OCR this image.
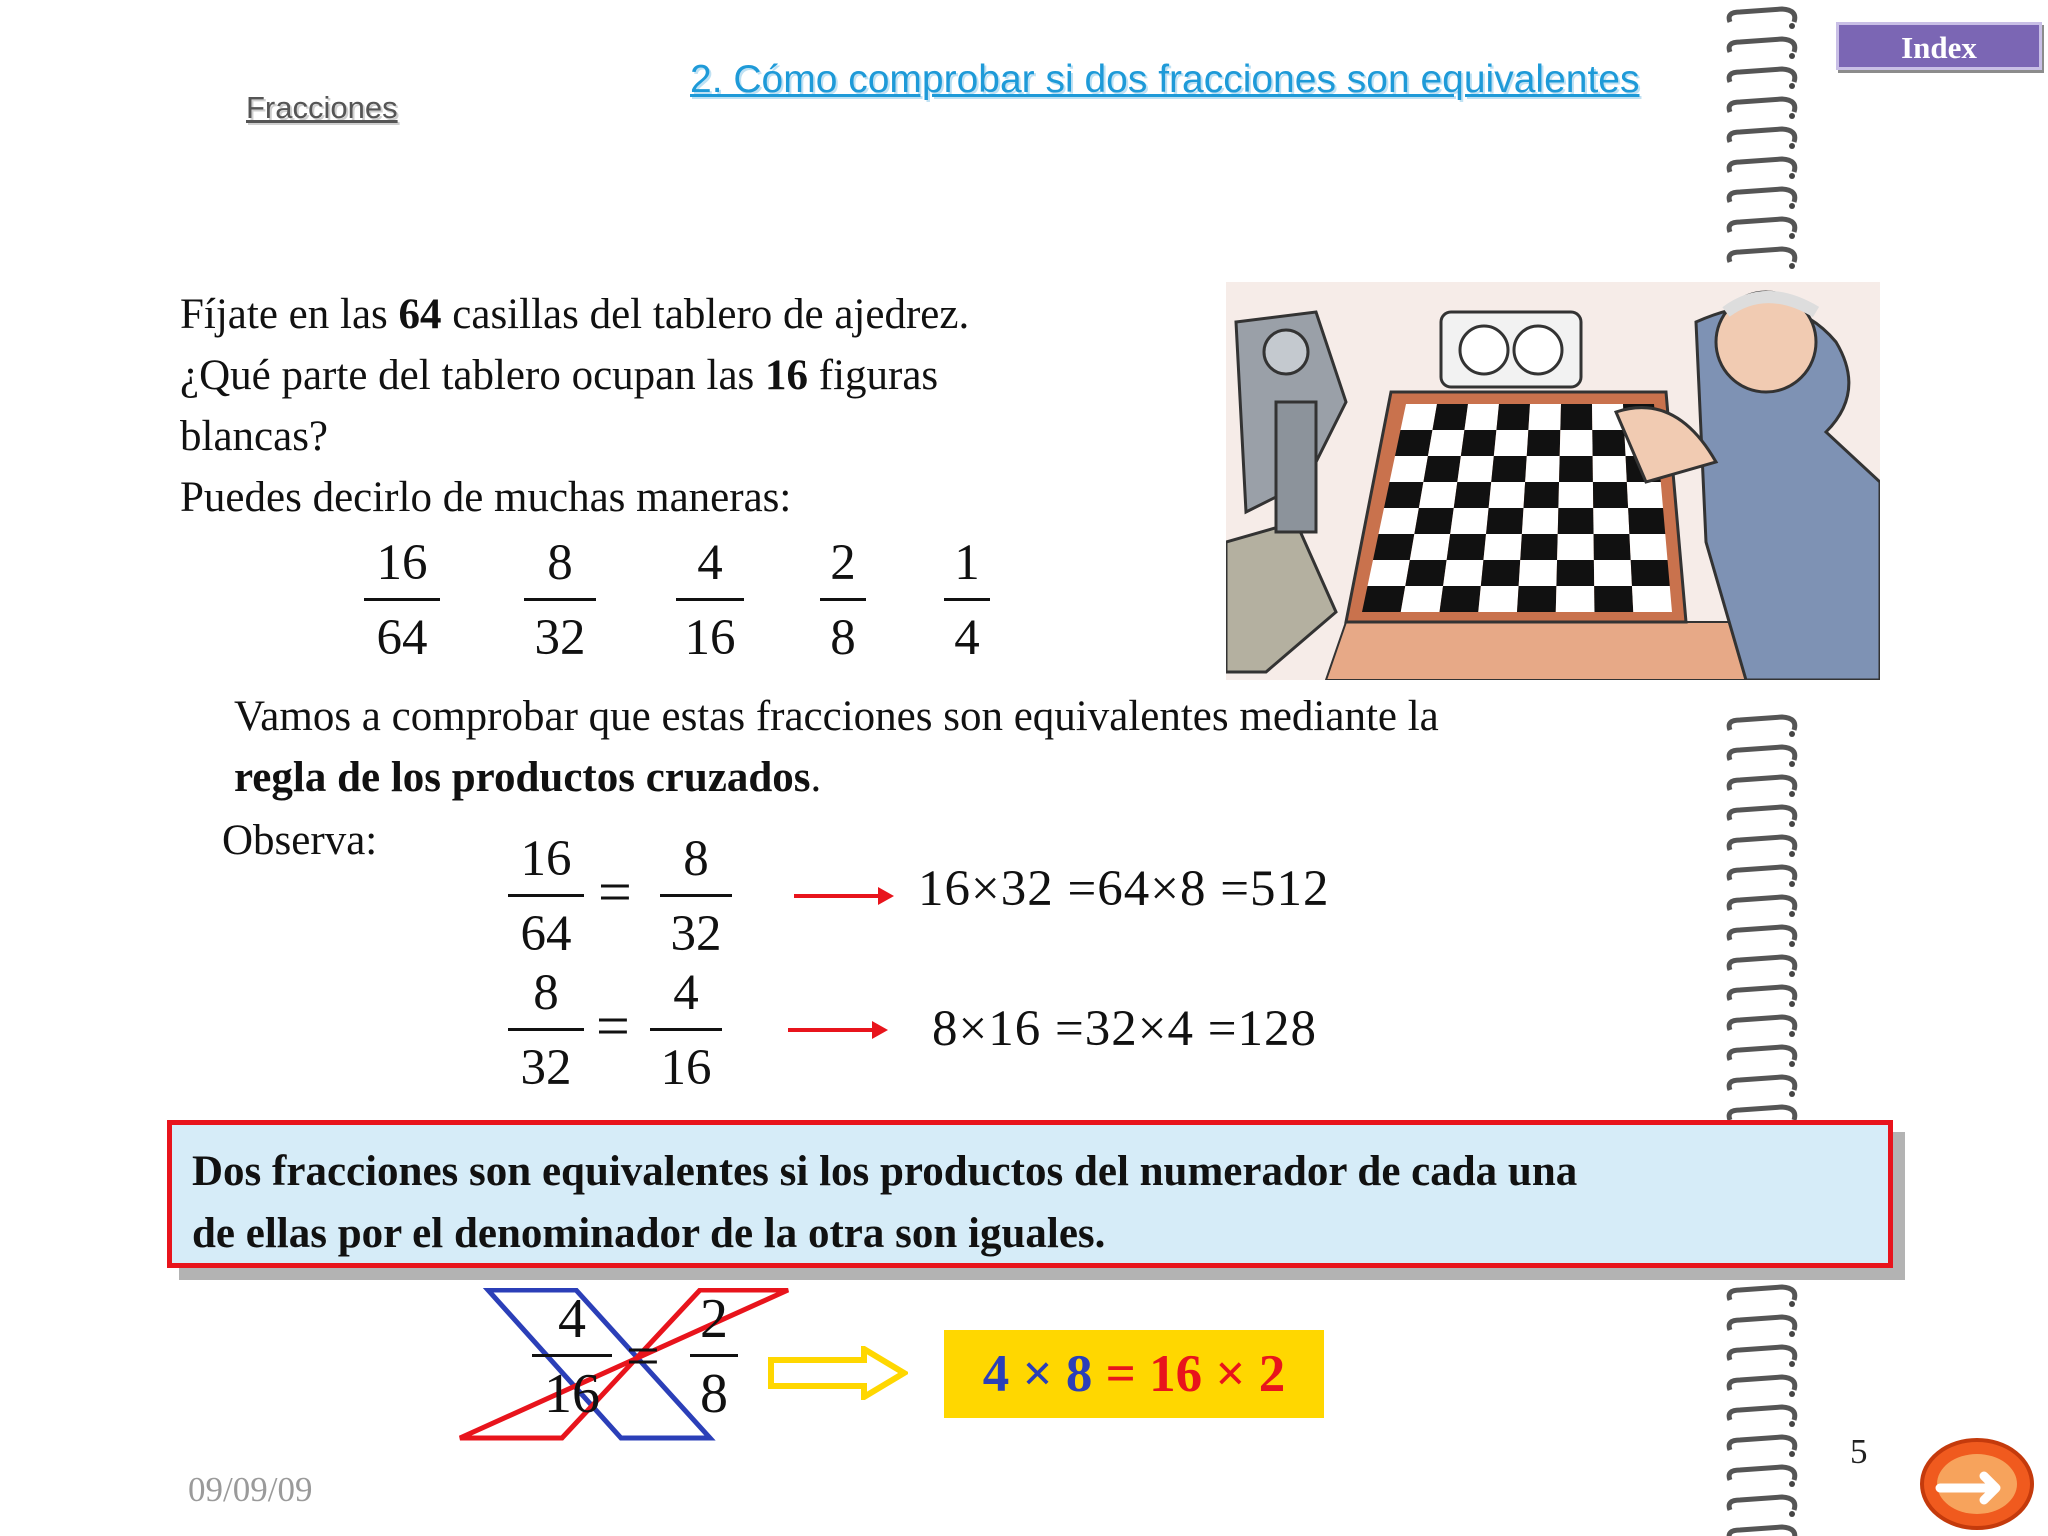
Fracciones
2. Cómo comprobar si dos fracciones son equivalentes
Index
Fíjate en las 64 casillas del tablero de ajedrez.
¿Qué parte del tablero ocupan las 16 figuras
blancas?
Puedes decirlo de muchas maneras:
16
64
8
32
4
16
2
8
1
4
Vamos a comprobar que estas fracciones son equivalentes mediante la
regla de los productos cruzados.
Observa:	16
64
=	8
32
16×32 =64×8 =512
8
32
= 4
16
8×16 =32×4 =128
Dos fracciones son equivalentes si los productos del numerador de cada una
de ellas por el denominador de la otra son iguales.
4
16
=
2
8	4 × 8 = 16 × 2
09/09/09
5
